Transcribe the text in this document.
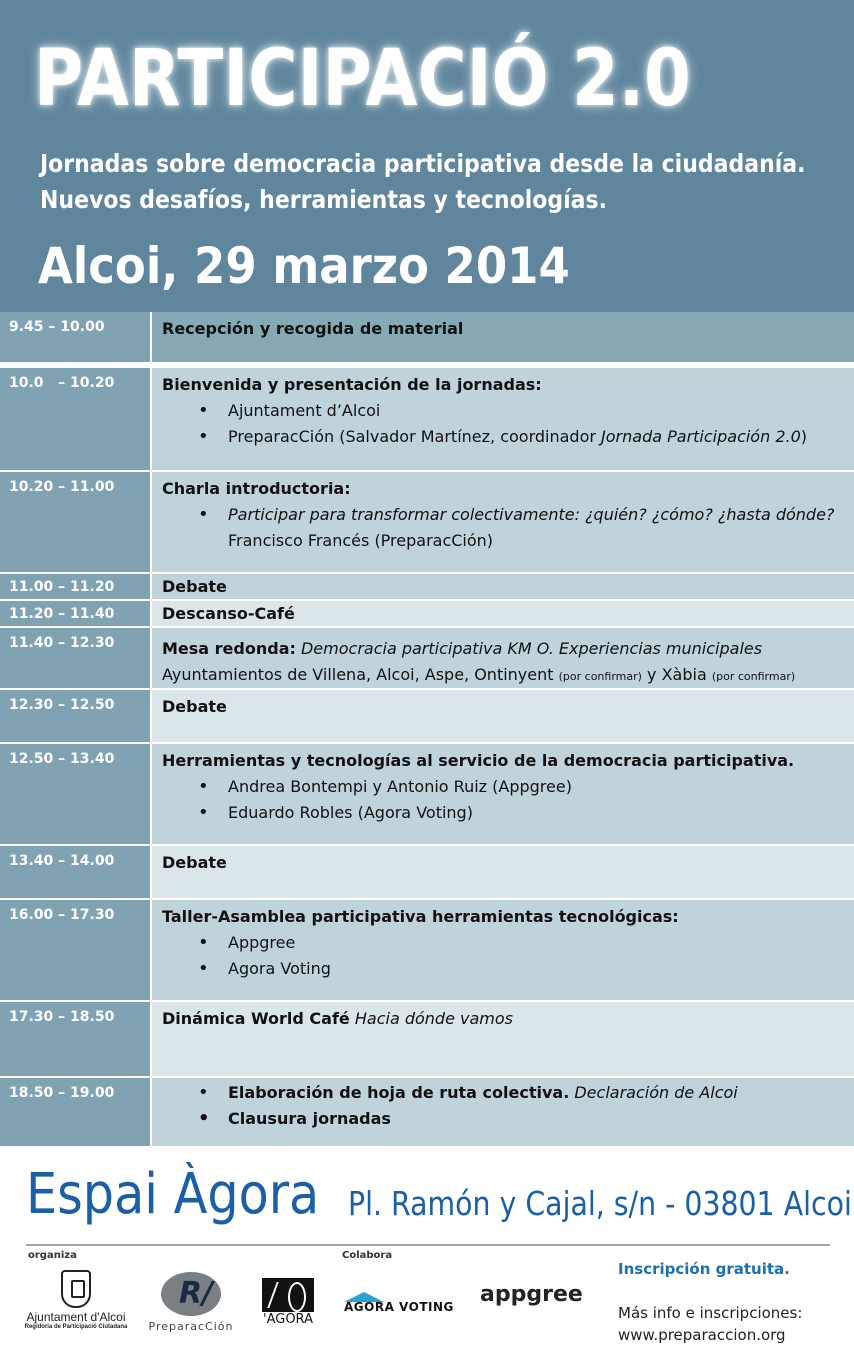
PARTICIPACIÓ 2.0
Jornadas sobre democracia participativa desde la ciudadanía.
Nuevos desafíos, herramientas y tecnologías.
Alcoi, 29 marzo 2014
9.45 – 10.00	Recepción y recogida de material
10.0   – 10.20	Bienvenida y presentación de la jornadas:
• Ajuntament d’Alcoi
• PreparacCión (Salvador Martínez, coordinador Jornada Participación 2.0)
10.20 – 11.00	Charla introductoria:
• Participar para transformar colectivamente: ¿quién? ¿cómo? ¿hasta dónde?
Francisco Francés (PreparacCión)
11.00 – 11.20	Debate
11.20 – 11.40	Descanso-Café
11.40 – 12.30	Mesa redonda: Democracia participativa KM O. Experiencias municipales
Ayuntamientos de Villena, Alcoi, Aspe, Ontinyent (por confirmar) y Xàbia (por confirmar)
12.30 – 12.50	Debate
12.50 – 13.40	Herramientas y tecnologías al servicio de la democracia participativa.
• Andrea Bontempi y Antonio Ruiz (Appgree)
• Eduardo Robles (Agora Voting)
13.40 – 14.00	Debate
16.00 – 17.30	Taller-Asamblea participativa herramientas tecnológicas:
• Appgree
• Agora Voting
17.30 – 18.50	Dinámica World Café Hacia dónde vamos
18.50 – 19.00
•	Elaboración de hoja de ruta colectiva. Declaración de Alcoi
• Clausura jornadas
Espai Àgora Pl. Ramón y Cajal, s/n - 03801 Alcoi
organiza	Colabora
Ajuntament d'Alcoi
Regidoria de Participació Ciutadana
R/
PreparacCión	'AGORA
AGORA VOTING appgree
Inscripción gratuita.
Más info e inscripciones:
www.preparaccion.org
